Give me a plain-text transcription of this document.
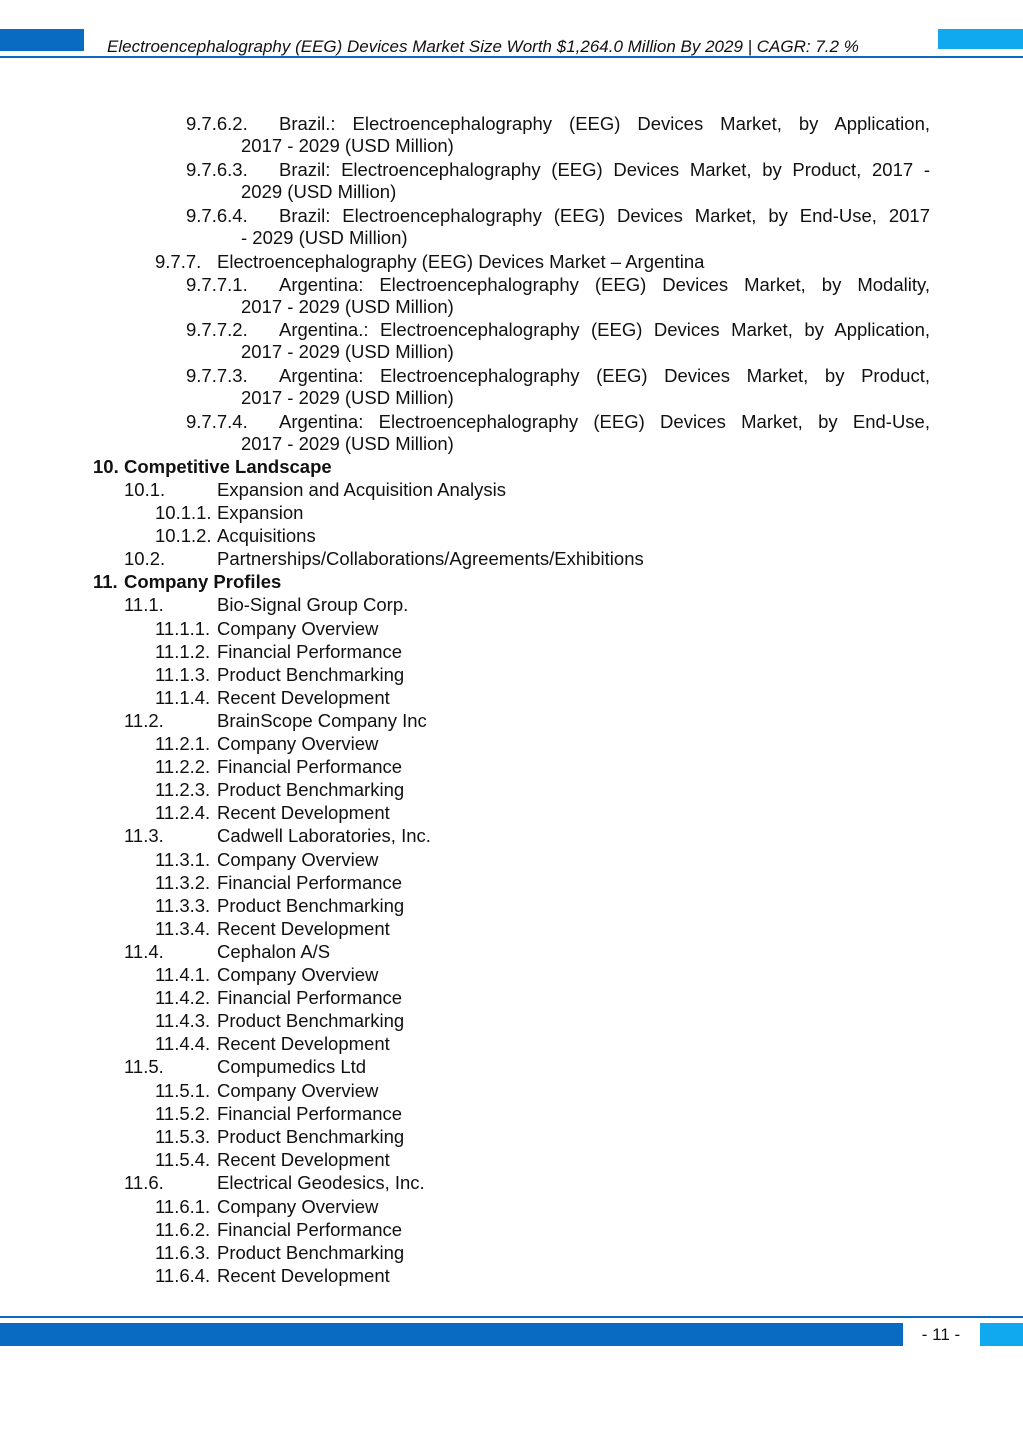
Electroencephalography (EEG) Devices Market Size Worth $1,264.0 Million By 2029 | CAGR: 7.2 %
9.7.6.2. Brazil.: Electroencephalography (EEG) Devices Market, by Application,
2017 - 2029 (USD Million)
9.7.6.3. Brazil: Electroencephalography (EEG) Devices Market, by Product, 2017 -
2029 (USD Million)
9.7.6.4. Brazil: Electroencephalography (EEG) Devices Market, by End-Use, 2017
- 2029 (USD Million)
9.7.7. Electroencephalography (EEG) Devices Market – Argentina
9.7.7.1. Argentina: Electroencephalography (EEG) Devices Market, by Modality,
2017 - 2029 (USD Million)
9.7.7.2. Argentina.: Electroencephalography (EEG) Devices Market, by Application,
2017 - 2029 (USD Million)
9.7.7.3. Argentina: Electroencephalography (EEG) Devices Market, by Product,
2017 - 2029 (USD Million)
9.7.7.4. Argentina: Electroencephalography (EEG) Devices Market, by End-Use,
2017 - 2029 (USD Million)
10. Competitive Landscape
10.1.	Expansion and Acquisition Analysis
10.1.1. Expansion
10.1.2. Acquisitions
10.2.	Partnerships/Collaborations/Agreements/Exhibitions
11. Company Profiles
11.1.	Bio-Signal Group Corp.
11.1.1. Company Overview
11.1.2. Financial Performance
11.1.3. Product Benchmarking
11.1.4. Recent Development
11.2.	BrainScope Company Inc
11.2.1. Company Overview
11.2.2. Financial Performance
11.2.3. Product Benchmarking
11.2.4. Recent Development
11.3.	Cadwell Laboratories, Inc.
11.3.1. Company Overview
11.3.2. Financial Performance
11.3.3. Product Benchmarking
11.3.4. Recent Development
11.4.	Cephalon A/S
11.4.1. Company Overview
11.4.2. Financial Performance
11.4.3. Product Benchmarking
11.4.4. Recent Development
11.5.	Compumedics Ltd
11.5.1. Company Overview
11.5.2. Financial Performance
11.5.3. Product Benchmarking
11.5.4. Recent Development
11.6.	Electrical Geodesics, Inc.
11.6.1. Company Overview
11.6.2. Financial Performance
11.6.3. Product Benchmarking
11.6.4. Recent Development
- 11 -
